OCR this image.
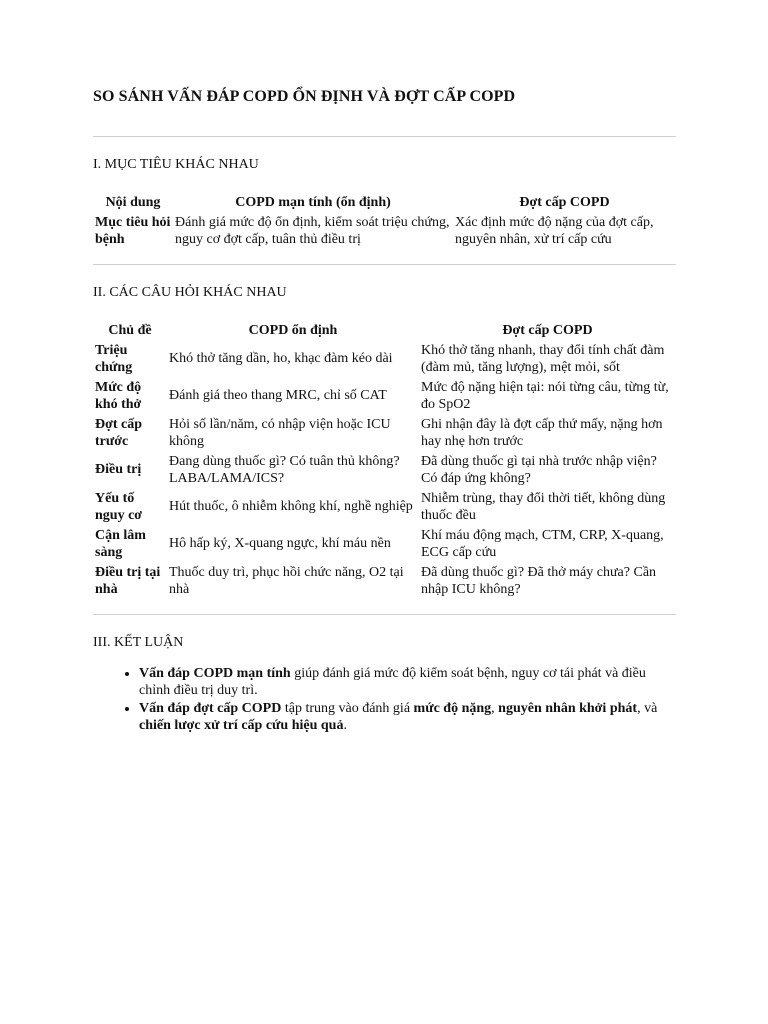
SO SÁNH VẤN ĐÁP COPD ỔN ĐỊNH VÀ ĐỢT CẤP COPD
I. MỤC TIÊU KHÁC NHAU
Nội dung	COPD mạn tính (ổn định)	Đợt cấp COPD
Mục tiêu hỏi bệnh	Đánh giá mức độ ổn định, kiểm soát triệu chứng, nguy cơ đợt cấp, tuân thủ điều trị	Xác định mức độ nặng của đợt cấp, nguyên nhân, xử trí cấp cứu
II. CÁC CÂU HỎI KHÁC NHAU
Chủ đề	COPD ổn định	Đợt cấp COPD
Triệu chứng	Khó thở tăng dần, ho, khạc đàm kéo dài	Khó thở tăng nhanh, thay đổi tính chất đàm (đàm mủ, tăng lượng), mệt mỏi, sốt
Mức độ khó thở	Đánh giá theo thang MRC, chỉ số CAT	Mức độ nặng hiện tại: nói từng câu, từng từ, đo SpO2
Đợt cấp trước	Hỏi số lần/năm, có nhập viện hoặc ICU không	Ghi nhận đây là đợt cấp thứ mấy, nặng hơn hay nhẹ hơn trước
Điều trị	Đang dùng thuốc gì? Có tuân thủ không? LABA/LAMA/ICS?	Đã dùng thuốc gì tại nhà trước nhập viện? Có đáp ứng không?
Yếu tố nguy cơ	Hút thuốc, ô nhiễm không khí, nghề nghiệp	Nhiễm trùng, thay đổi thời tiết, không dùng thuốc đều
Cận lâm sàng	Hô hấp ký, X-quang ngực, khí máu nền	Khí máu động mạch, CTM, CRP, X-quang, ECG cấp cứu
Điều trị tại nhà	Thuốc duy trì, phục hồi chức năng, O2 tại nhà	Đã dùng thuốc gì? Đã thở máy chưa? Cần nhập ICU không?
III. KẾT LUẬN
• Vấn đáp COPD mạn tính giúp đánh giá mức độ kiểm soát bệnh, nguy cơ tái phát và điều chỉnh điều trị duy trì.
• Vấn đáp đợt cấp COPD tập trung vào đánh giá mức độ nặng, nguyên nhân khởi phát, và chiến lược xử trí cấp cứu hiệu quả.
